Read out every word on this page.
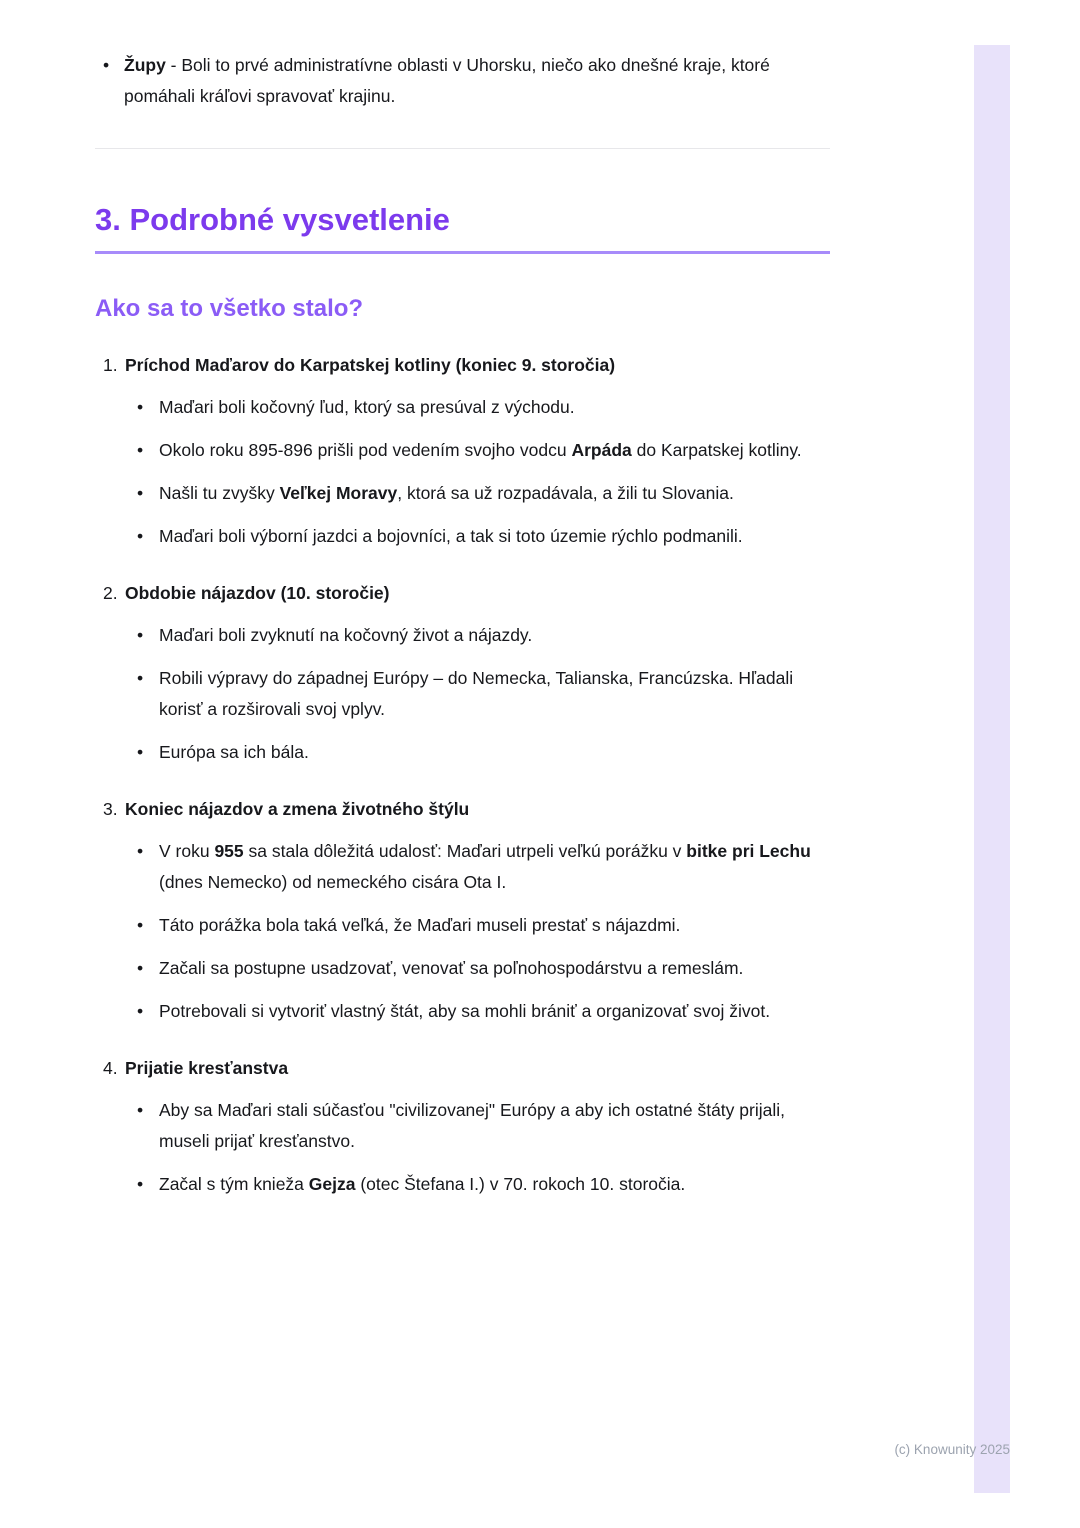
• Župy - Boli to prvé administratívne oblasti v Uhorsku, niečo ako dnešné kraje, ktoré pomáhali kráľovi spravovať krajinu.
3. Podrobné vysvetlenie
Ako sa to všetko stalo?
1. Príchod Maďarov do Karpatskej kotliny (koniec 9. storočia)
• Maďari boli kočovný ľud, ktorý sa presúval z východu.
• Okolo roku 895-896 prišli pod vedením svojho vodcu Arpáda do Karpatskej kotliny.
• Našli tu zvyšky Veľkej Moravy, ktorá sa už rozpadávala, a žili tu Slovania.
• Maďari boli výborní jazdci a bojovníci, a tak si toto územie rýchlo podmanili.
2. Obdobie nájazdov (10. storočie)
• Maďari boli zvyknutí na kočovný život a nájazdy.
• Robili výpravy do západnej Európy – do Nemecka, Talianska, Francúzska. Hľadali korisť a rozširovali svoj vplyv.
• Európa sa ich bála.
3. Koniec nájazdov a zmena životného štýlu
• V roku 955 sa stala dôležitá udalosť: Maďari utrpeli veľkú porážku v bitke pri Lechu (dnes Nemecko) od nemeckého cisára Ota I.
• Táto porážka bola taká veľká, že Maďari museli prestať s nájazdmi.
• Začali sa postupne usadzovať, venovať sa poľnohospodárstvu a remeslám.
• Potrebovali si vytvoriť vlastný štát, aby sa mohli brániť a organizovať svoj život.
4. Prijatie kresťanstva
• Aby sa Maďari stali súčasťou "civilizovanej" Európy a aby ich ostatné štáty prijali, museli prijať kresťanstvo.
• Začal s tým knieža Gejza (otec Štefana I.) v 70. rokoch 10. storočia.
(c) Knowunity 2025
